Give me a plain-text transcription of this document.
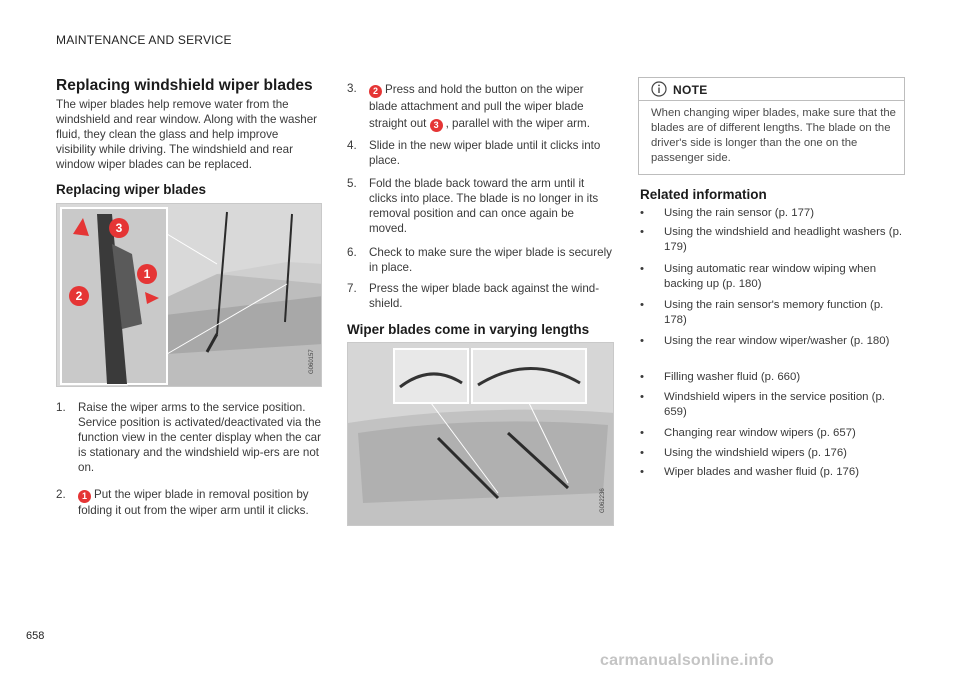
MAINTENANCE AND SERVICE
Replacing windshield wiper blades
The wiper blades help remove water from the windshield and rear window. Along with the washer fluid, they clean the glass and help improve visibility while driving. The windshield and rear window wiper blades can be replaced.
Replacing wiper blades
3
1
2
G060157
1. Raise the wiper arms to the service position. Service position is activated/deactivated via the function view in the center display when the car is stationary and the windshield wip-ers are not on.
2.	1 Put the wiper blade in removal position by folding it out from the wiper arm until it clicks.
3.	2 Press and hold the button on the wiper blade attachment and pull the wiper blade straight out 3 , parallel with the wiper arm.
4. Slide in the new wiper blade until it clicks into place.
5. Fold the blade back toward the arm until it clicks into place. The blade is no longer in its removal position and can once again be moved.
6. Check to make sure the wiper blade is securely in place.
7. Press the wiper blade back against the wind-shield.
Wiper blades come in varying lengths
G062236
NOTE
When changing wiper blades, make sure that the blades are of different lengths. The blade on the driver's side is longer than the one on the passenger side.
Related information
• Using the rain sensor (p. 177)
• Using the windshield and headlight washers (p. 179)
• Using automatic rear window wiping when backing up (p. 180)
• Using the rain sensor's memory function (p. 178)
• Using the rear window wiper/washer (p. 180)
• Filling washer fluid (p. 660)
• Windshield wipers in the service position (p. 659)
• Changing rear window wipers (p. 657)
• Using the windshield wipers (p. 176)
• Wiper blades and washer fluid (p. 176)
658
carmanualsonline.info
